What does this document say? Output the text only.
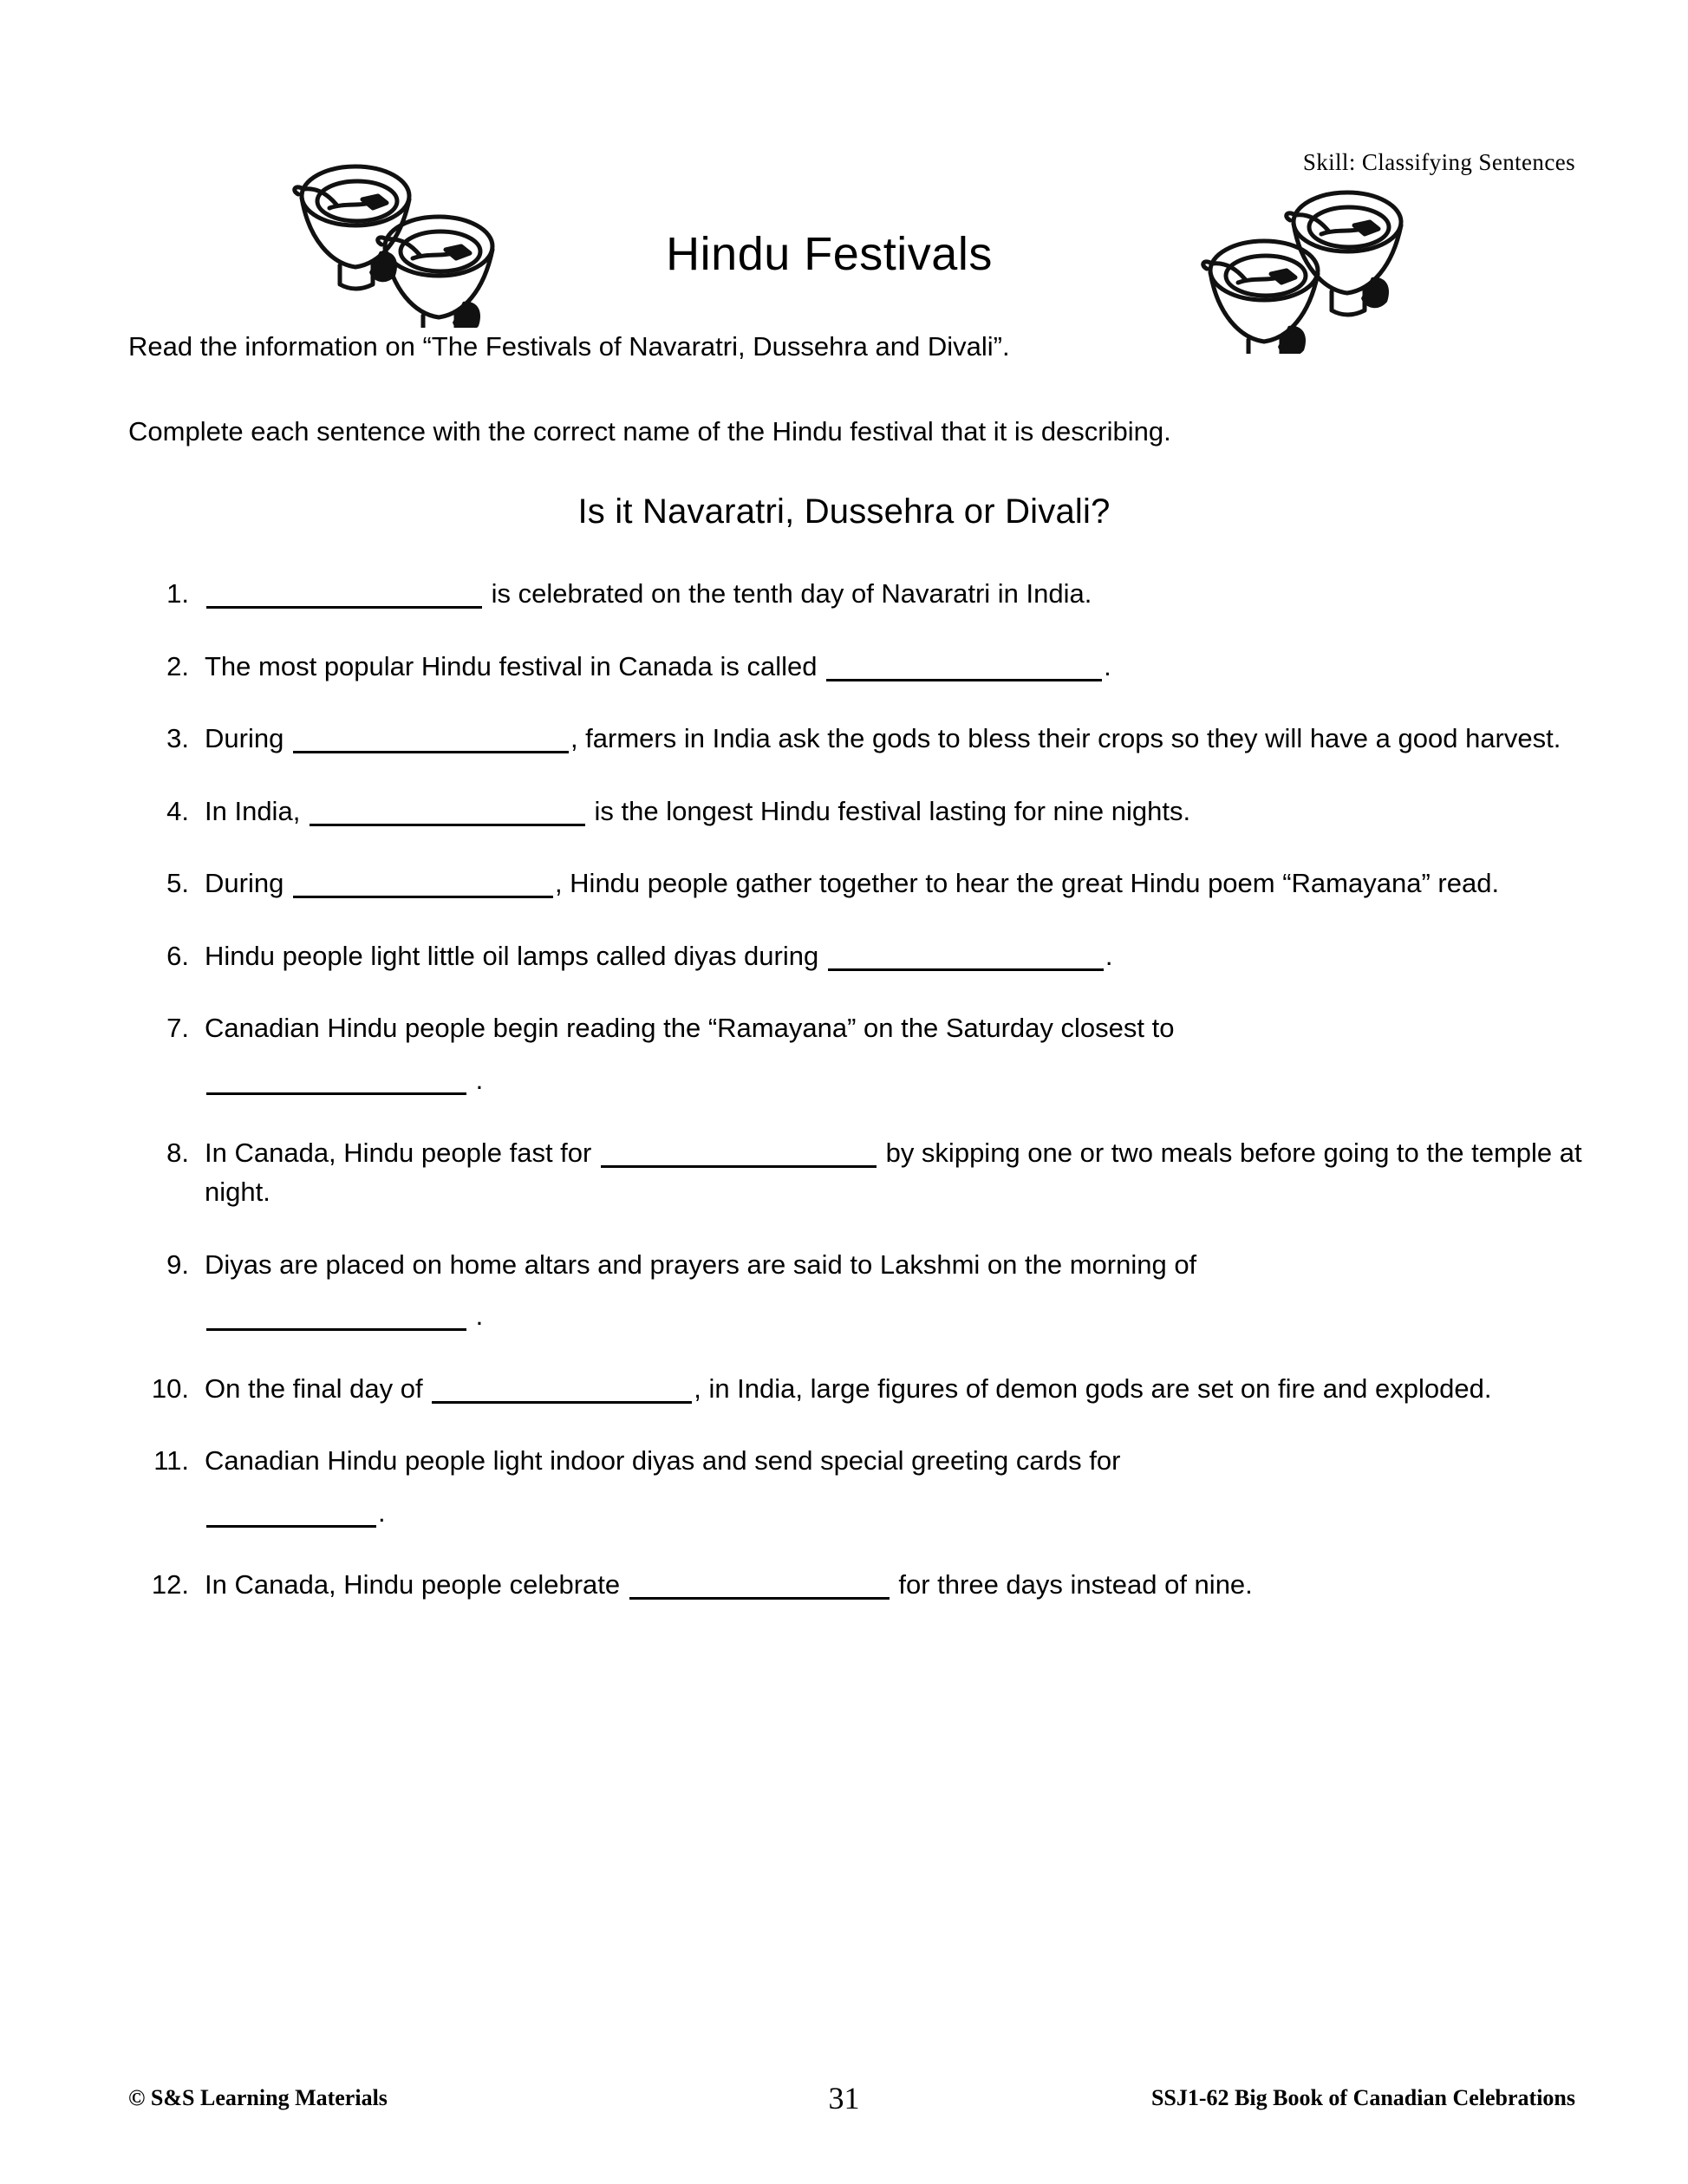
Skill: Classifying Sentences
Hindu Festivals
Read the information on “The Festivals of Navaratri, Dussehra and Divali”.
Complete each sentence with the correct name of the Hindu festival that it is describing.
Is it Navaratri, Dussehra or Divali?
1.	is celebrated on the tenth day of Navaratri in India.
2. The most popular Hindu festival in Canada is called	.
3. During	, farmers in India ask the gods to bless their crops so they will have a good harvest.
4. In India,	is the longest Hindu festival lasting for nine nights.
5. During	, Hindu people gather together to hear the great Hindu poem “Ramayana” read.
6. Hindu people light little oil lamps called diyas during	.
7. Canadian Hindu people begin reading the “Ramayana” on the Saturday closest to
.
8. In Canada, Hindu people fast for	by skipping one or two meals before going to the temple at night.
9. Diyas are placed on home altars and prayers are said to Lakshmi on the morning of
.
10. On the final day of	, in India, large figures of demon gods are set on fire and exploded.
11. Canadian Hindu people light indoor diyas and send special greeting cards for
.
12. In Canada, Hindu people celebrate	for three days instead of nine.
© S&S Learning Materials	31	SSJ1-62 Big Book of Canadian Celebrations
